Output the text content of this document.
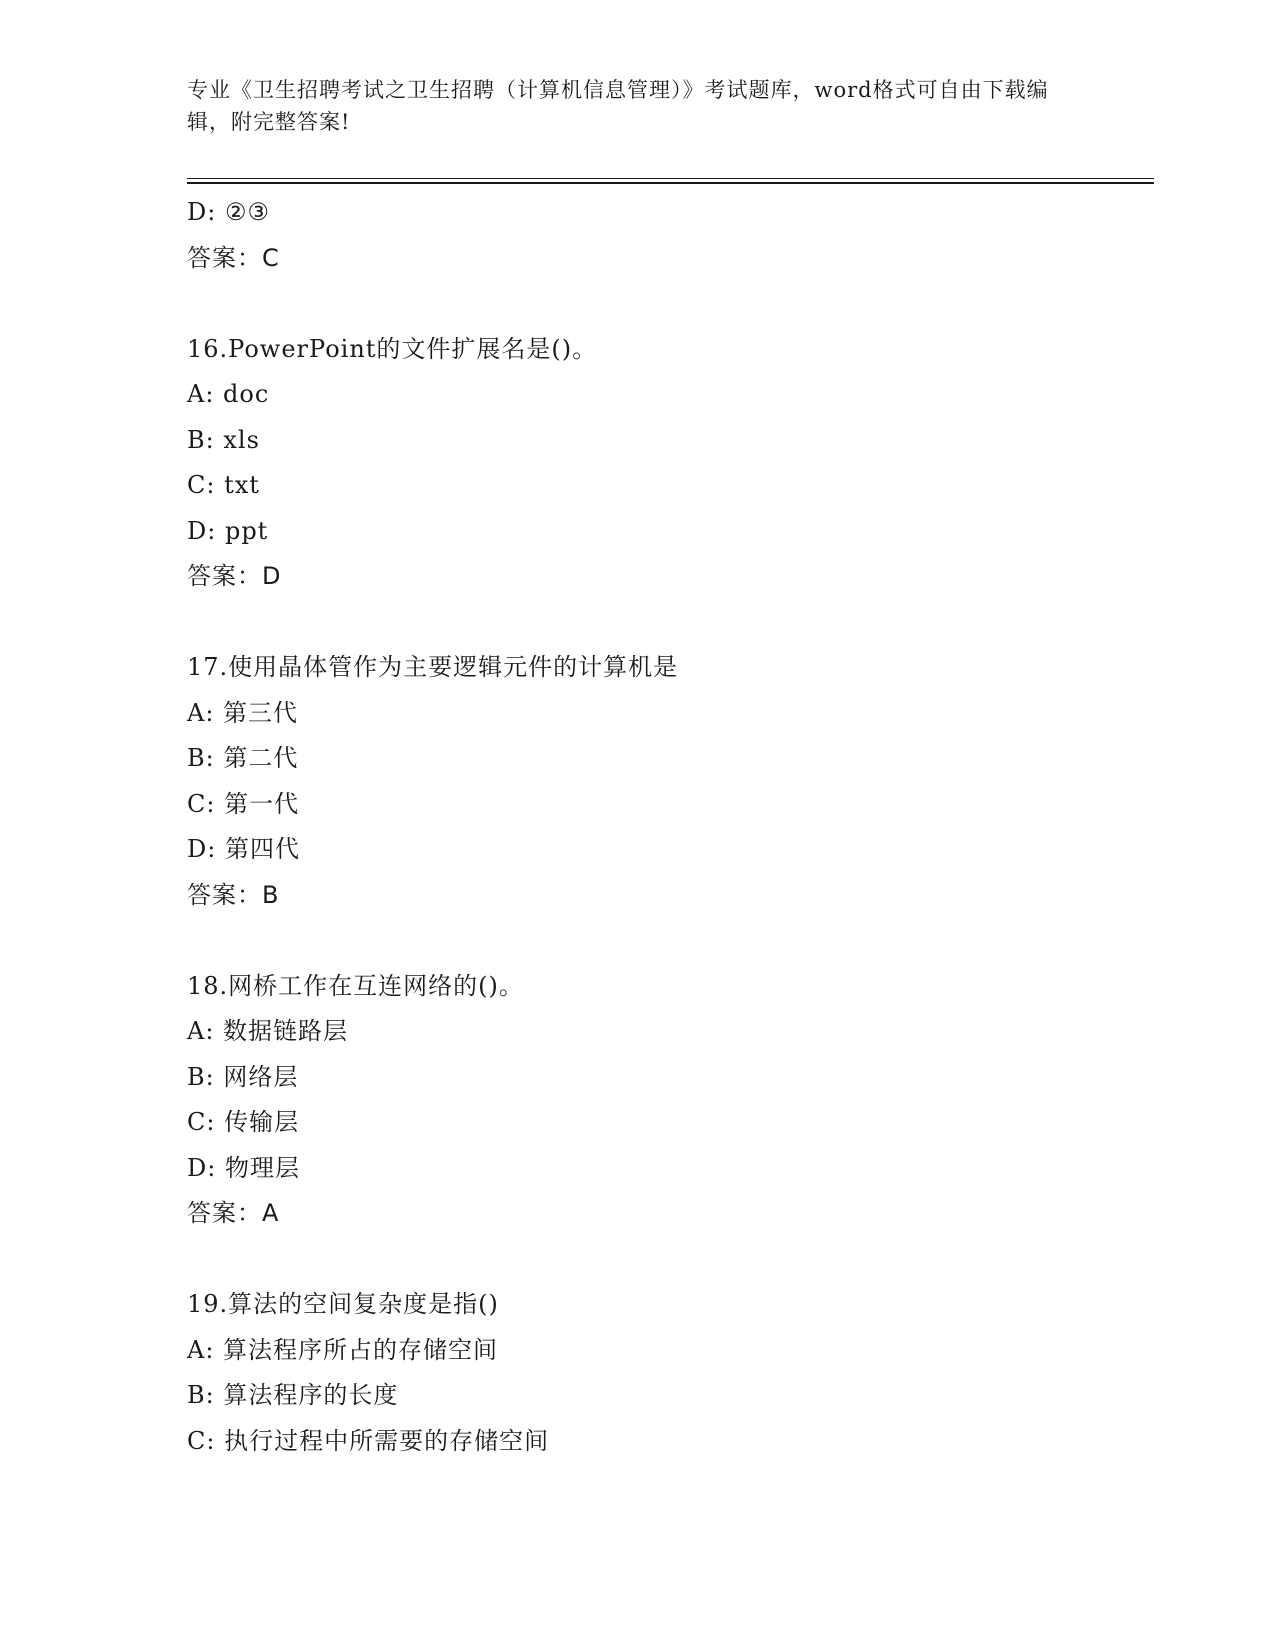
专业《卫生招聘考试之卫生招聘（计算机信息管理）》考试题库，word格式可自由下载编辑，附完整答案!
D: ②③
答案：C
16.PowerPoint的文件扩展名是()。
A: doc
B: xls
C: txt
D: ppt
答案：D
17.使用晶体管作为主要逻辑元件的计算机是
A: 第三代
B: 第二代
C: 第一代
D: 第四代
答案：B
18.网桥工作在互连网络的()。
A: 数据链路层
B: 网络层
C: 传输层
D: 物理层
答案：A
19.算法的空间复杂度是指()
A: 算法程序所占的存储空间
B: 算法程序的长度
C: 执行过程中所需要的存储空间
